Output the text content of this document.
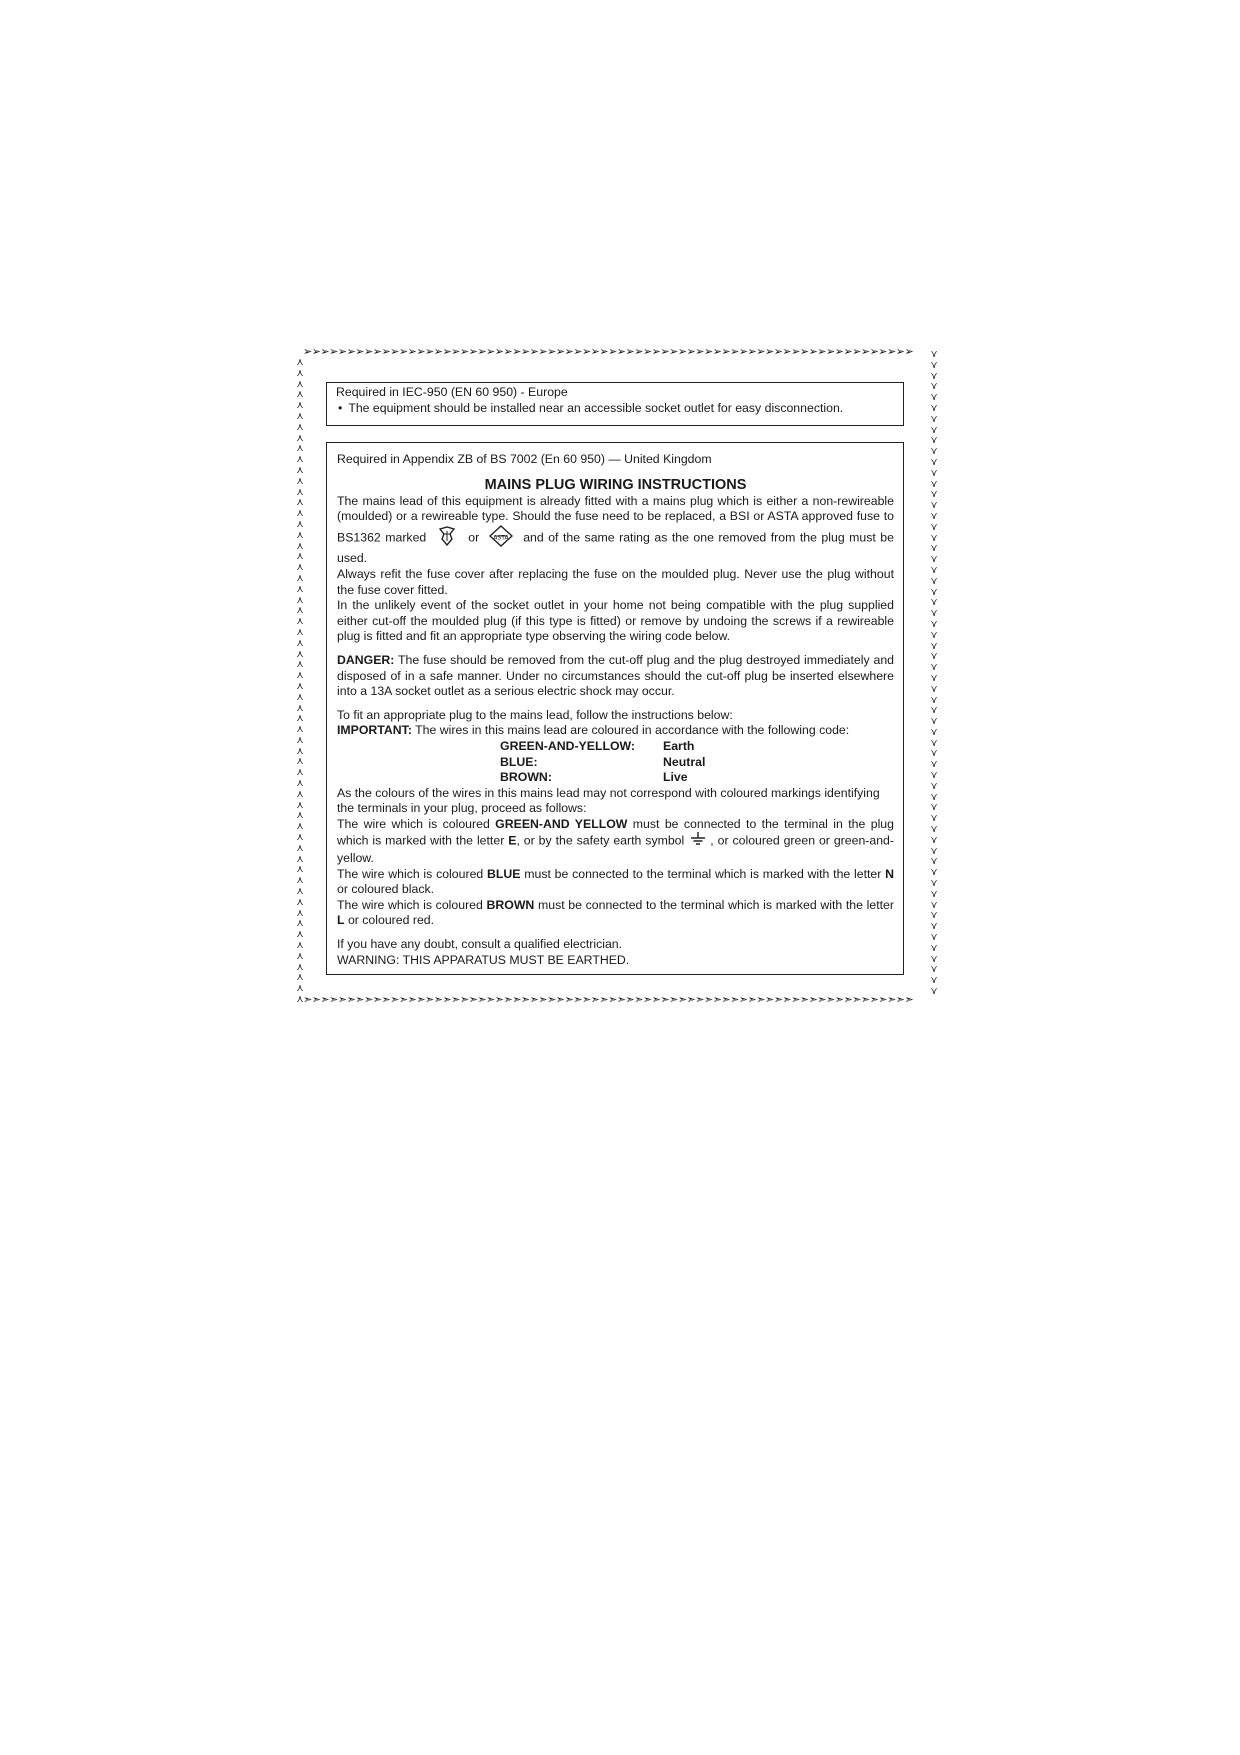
➢➢➢➢➢➢➢➢➢➢➢➢➢➢➢➢➢➢➢➢➢➢➢➢➢➢➢➢➢➢➢➢➢➢➢➢➢➢➢➢➢➢➢➢➢➢➢➢➢➢➢➢➢➢➢➢➢➢➢➢➢➢➢➢➢➢➢➢➢➢
➣➣➣➣➣➣➣➣➣➣➣➣➣➣➣➣➣➣➣➣➣➣➣➣➣➣➣➣➣➣➣➣➣➣➣➣➣➣➣➣➣➣➣➣➣➣➣➣➣➣➣➣➣➣➣➣➣➣➣➣➣➣➣➣➣➣➣➣➣➣
⋏
⋏
⋏
⋏
⋏
⋏
⋏
⋏
⋏
⋏
⋏
⋏
⋏
⋏
⋏
⋏
⋏
⋏
⋏
⋏
⋏
⋏
⋏
⋏
⋏
⋏
⋏
⋏
⋏
⋏
⋏
⋏
⋏
⋏
⋏
⋏
⋏
⋏
⋏
⋏
⋏
⋏
⋏
⋏
⋏
⋏
⋏
⋏
⋏
⋏
⋏
⋏
⋏
⋏
⋏
⋏
⋏
⋏
⋏
⋏
⋎
⋎
⋎
⋎
⋎
⋎
⋎
⋎
⋎
⋎
⋎
⋎
⋎
⋎
⋎
⋎
⋎
⋎
⋎
⋎
⋎
⋎
⋎
⋎
⋎
⋎
⋎
⋎
⋎
⋎
⋎
⋎
⋎
⋎
⋎
⋎
⋎
⋎
⋎
⋎
⋎
⋎
⋎
⋎
⋎
⋎
⋎
⋎
⋎
⋎
⋎
⋎
⋎
⋎
⋎
⋎
⋎
⋎
⋎
⋎

Required in IEC-950 (EN 60 950) - Europe

• The equipment should be installed near an accessible socket outlet for easy disconnection.

Required in Appendix ZB of BS 7002 (En 60 950) — United Kingdom

MAINS PLUG WIRING INSTRUCTIONS

The mains lead of this equipment is already fitted with a mains plug which is either a non-rewireable (moulded) or a rewireable type. Should the fuse need to be replaced, a BSI or ASTA approved fuse to BS1362 marked	or ASTA and of the same rating as the one removed from the plug must be used.

Always refit the fuse cover after replacing the fuse on the moulded plug. Never use the plug without the fuse cover fitted.

In the unlikely event of the socket outlet in your home not being compatible with the plug supplied either cut-off the moulded plug (if this type is fitted) or remove by undoing the screws if a rewireable plug is fitted and fit an appropriate type observing the wiring code below.

DANGER: The fuse should be removed from the cut-off plug and the plug destroyed immediately and disposed of in a safe manner. Under no circumstances should the cut-off plug be inserted elsewhere into a 13A socket outlet as a serious electric shock may occur.

To fit an appropriate plug to the mains lead, follow the instructions below:

IMPORTANT: The wires in this mains lead are coloured in accordance with the following code:

GREEN-AND-YELLOW:	Earth
BLUE:	Neutral
BROWN:	Live

As the colours of the wires in this mains lead may not correspond with coloured markings identifying the terminals in your plug, proceed as follows:

The wire which is coloured GREEN-AND YELLOW must be connected to the terminal in the plug which is marked with the letter E, or by the safety earth symbol , or coloured green or green-and-yellow.

The wire which is coloured BLUE must be connected to the terminal which is marked with the letter N or coloured black.

The wire which is coloured BROWN must be connected to the terminal which is marked with the letter L or coloured red.

If you have any doubt, consult a qualified electrician.

WARNING: THIS APPARATUS MUST BE EARTHED.
